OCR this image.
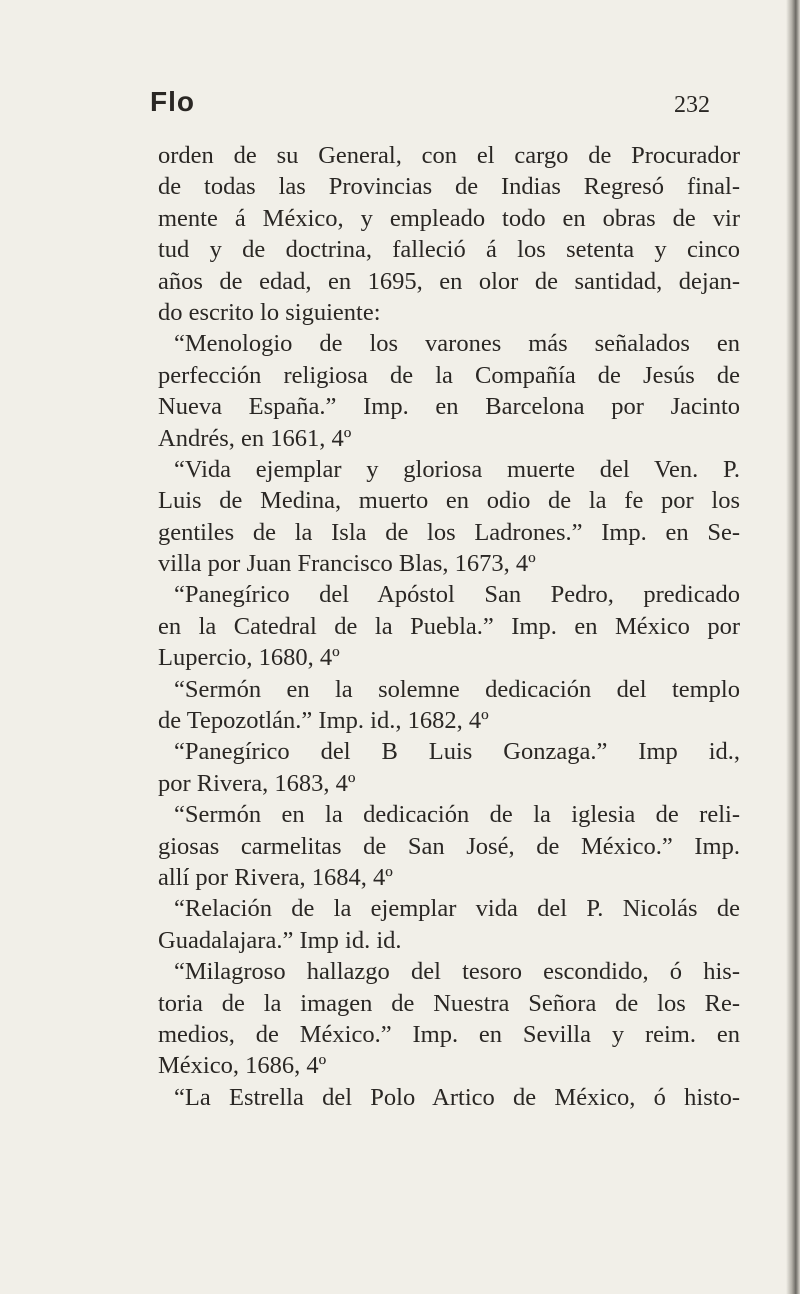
Flo	232
orden de su General, con el cargo de Procurador
de todas las Provincias de Indias Regresó final-
mente á México, y empleado todo en obras de vir
tud y de doctrina, falleció á los setenta y cinco
años de edad, en 1695, en olor de santidad, dejan-
do escrito lo siguiente:
“Menologio de los varones más señalados en
perfección religiosa de la Compañía de Jesús de
Nueva España.” Imp. en Barcelona por Jacinto
Andrés, en 1661, 4º
“Vida ejemplar y gloriosa muerte del Ven. P.
Luis de Medina, muerto en odio de la fe por los
gentiles de la Isla de los Ladrones.” Imp. en Se-
villa por Juan Francisco Blas, 1673, 4º
“Panegírico del Apóstol San Pedro, predicado
en la Catedral de la Puebla.” Imp. en México por
Lupercio, 1680, 4º
“Sermón en la solemne dedicación del templo
de Tepozotlán.” Imp. id., 1682, 4º
“Panegírico del B Luis Gonzaga.” Imp id.,
por Rivera, 1683, 4º
“Sermón en la dedicación de la iglesia de reli-
giosas carmelitas de San José, de México.” Imp.
allí por Rivera, 1684, 4º
“Relación de la ejemplar vida del P. Nicolás de
Guadalajara.” Imp id. id.
“Milagroso hallazgo del tesoro escondido, ó his-
toria de la imagen de Nuestra Señora de los Re-
medios, de México.” Imp. en Sevilla y reim. en
México, 1686, 4º
“La Estrella del Polo Artico de México, ó histo-
